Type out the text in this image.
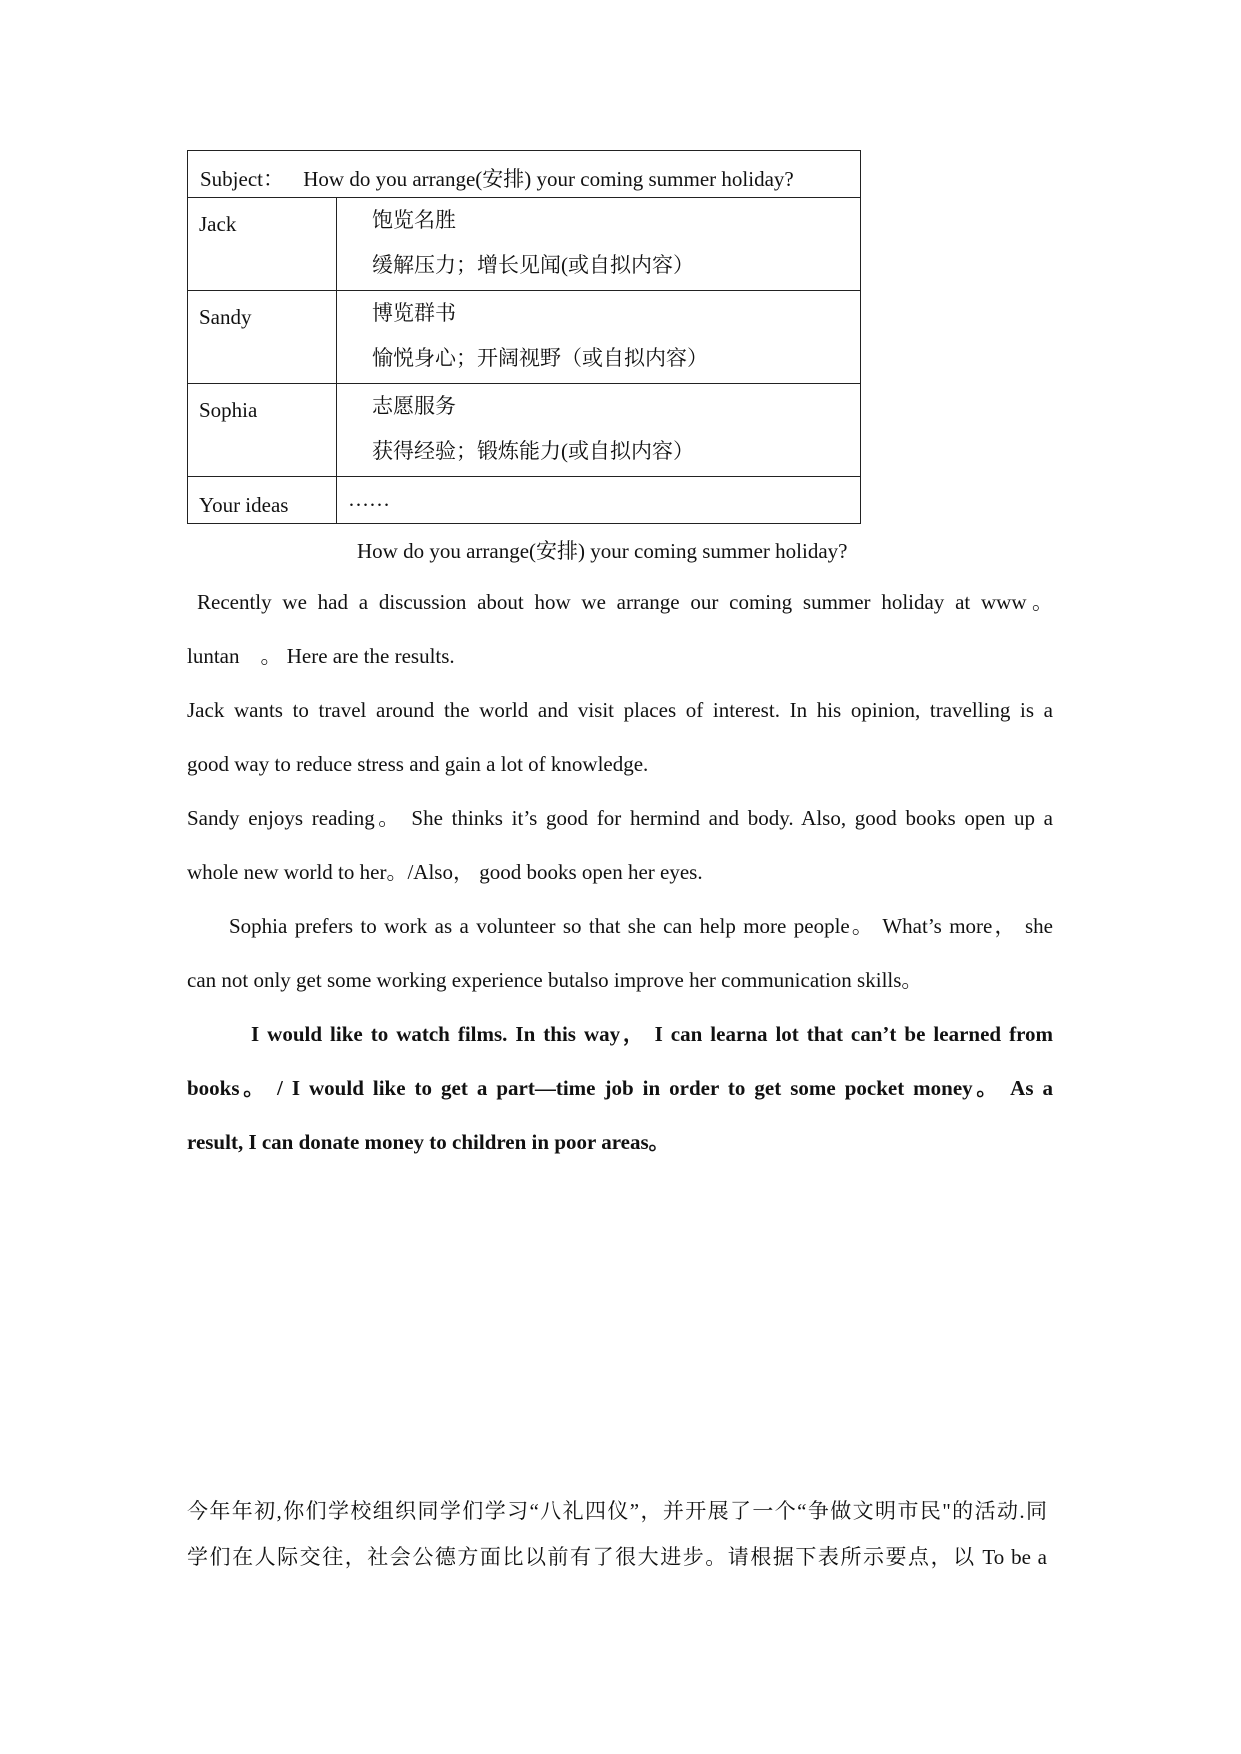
Subject： How do you arrange(安排) your coming summer holiday?	
Jack	饱览名胜
缓解压力；增长见闻(或自拟内容）

Sandy	博览群书
愉悦身心；开阔视野（或自拟内容）

Sophia	志愿服务
获得经验；锻炼能力(或自拟内容）

Your ideas	……
How do you arrange(安排) your coming summer holiday?
Recently we had a discussion about how we arrange our coming summer holiday at www。
luntan    。 Here are the results.
Jack wants to travel around the world and visit places of interest. In his opinion, travelling is a
good way to reduce stress and gain a lot of knowledge.
Sandy enjoys reading。 She thinks it’s good for hermind and body. Also, good books open up a
whole new world to her。/Also， good books open her eyes.
Sophia prefers to work as a volunteer so that she can help more people。 What’s more， she
can not only get some working experience butalso improve her communication skills。
I would like to watch films. In this way， I can learna lot that can’t be learned from
books。 / I would like to get a part—time job in order to get some pocket money。 As a
result, I can donate money to children in poor areas。
今年年初,你们学校组织同学们学习“八礼四仪”，并开展了一个“争做文明市民"的活动.同
学们在人际交往，社会公德方面比以前有了很大进步。请根据下表所示要点，以 To be a
